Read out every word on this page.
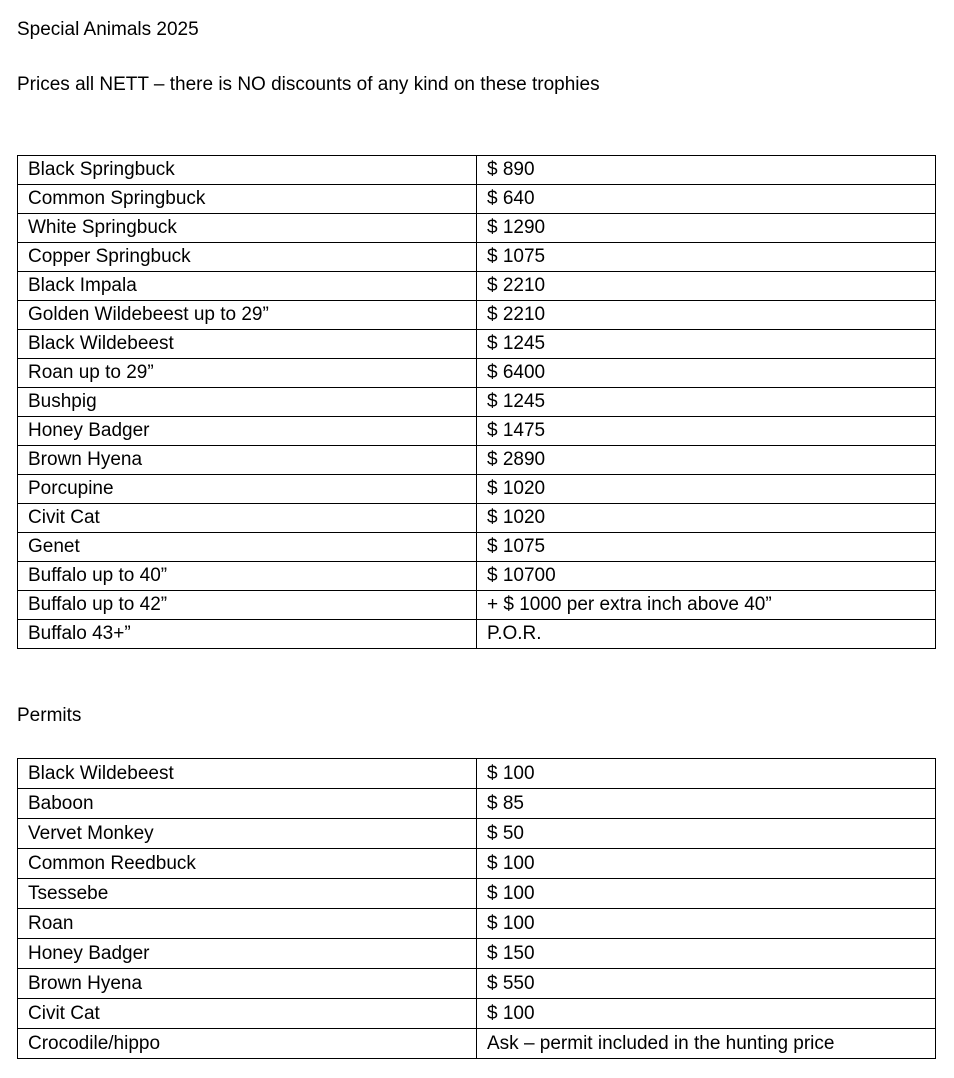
Special Animals 2025

Prices all NETT – there is NO discounts of any kind on these trophies

Black Springbuck	$ 890
Common Springbuck	$ 640
White Springbuck	$ 1290
Copper Springbuck	$ 1075
Black Impala	$ 2210
Golden Wildebeest up to 29”	$ 2210
Black Wildebeest	$ 1245
Roan up to 29”	$ 6400
Bushpig	$ 1245
Honey Badger	$ 1475
Brown Hyena	$ 2890
Porcupine	$ 1020
Civit Cat	$ 1020
Genet	$ 1075
Buffalo up to 40”	$ 10700
Buffalo up to 42”	+ $ 1000 per extra inch above 40”
Buffalo 43+”	P.O.R.

Permits

Black Wildebeest	$ 100
Baboon	$ 85
Vervet Monkey	$ 50
Common Reedbuck	$ 100
Tsessebe	$ 100
Roan	$ 100
Honey Badger	$ 150
Brown Hyena	$ 550
Civit Cat	$ 100
Crocodile/hippo	Ask – permit included in the hunting price
